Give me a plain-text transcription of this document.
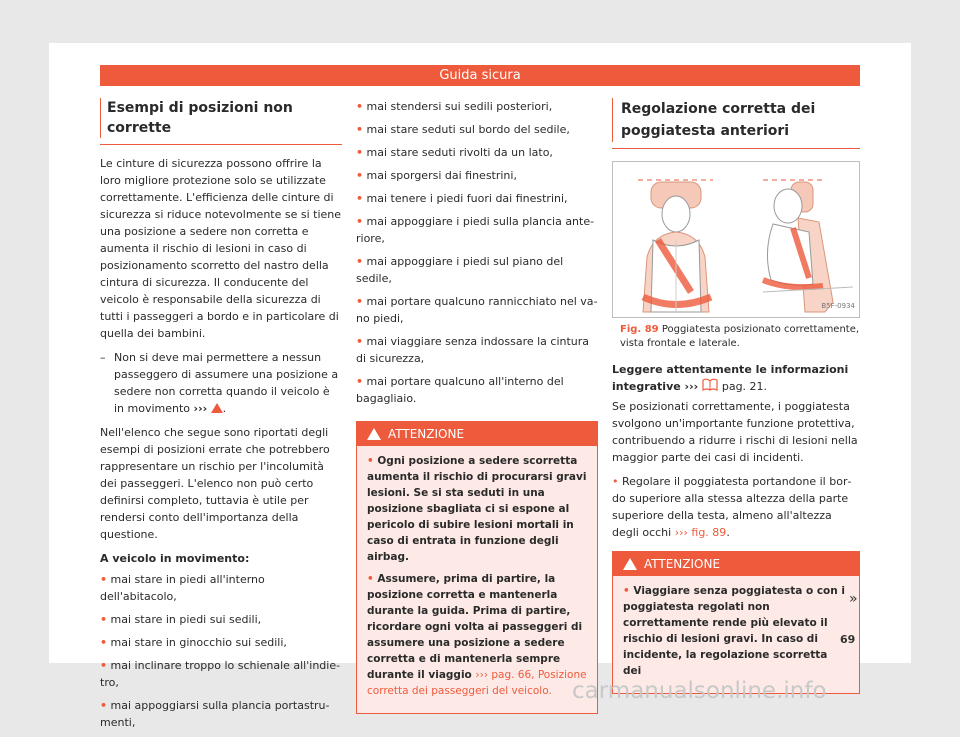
Guida sicura
Esempi di posizioni non corrette

Le cinture di sicurezza possono offrire la loro migliore protezione solo se utilizzate correttamente. L'efficienza delle cinture di sicurezza si riduce notevolmente se si tiene una posizione a sedere non corretta e aumenta il rischio di lesioni in caso di posizionamento scorretto del nastro della cintura di sicurezza. Il conducente del veicolo è responsabile della sicurezza di tutti i passeggeri a bordo e in particolare di quella dei bambini.

– Non si deve mai permettere a nessun passeggero di assumere una posizione a sedere non corretta quando il veicolo è in movimento ››› .

Nell'elenco che segue sono riportati degli esempi di posizioni errate che potrebbero rappresentare un rischio per l'incolumità dei passeggeri. L'elenco non può certo definirsi completo, tuttavia è utile per rendersi conto dell'importanza della questione.

A veicolo in movimento:

• mai stare in piedi all'interno dell'abitacolo,
• mai stare in piedi sui sedili,
• mai stare in ginocchio sui sedili,
• mai inclinare troppo lo schienale all'indietro,
• mai appoggiarsi sulla plancia portastrumenti,
• mai stendersi sui sedili posteriori,
• mai stare seduti sul bordo del sedile,
• mai stare seduti rivolti da un lato,
• mai sporgersi dai finestrini,
• mai tenere i piedi fuori dai finestrini,
• mai appoggiare i piedi sulla plancia anteriore,
• mai appoggiare i piedi sul piano del sedile,
• mai portare qualcuno rannicchiato nel vano piedi,
• mai viaggiare senza indossare la cintura di sicurezza,
• mai portare qualcuno all'interno del bagagliaio.
ATTENZIONE

• Ogni posizione a sedere scorretta aumenta il rischio di procurarsi gravi lesioni. Se si sta seduti in una posizione sbagliata ci si espone al pericolo di subire lesioni mortali in caso di entrata in funzione degli airbag.

• Assumere, prima di partire, la posizione corretta e mantenerla durante la guida. Prima di partire, ricordare ogni volta ai passeggeri di assumere una posizione a sedere corretta e di mantenerla sempre durante il viaggio ››› pag. 66, Posizione corretta dei passeggeri del veicolo.

Regolazione corretta dei poggiatesta anteriori
B5F-0934
Fig. 89 Poggiatesta posizionato correttamente, vista frontale e laterale.
Leggere attentamente le informazioni integrative ››› pag. 21.

Se posizionati correttamente, i poggiatesta svolgono un'importante funzione protettiva, contribuendo a ridurre i rischi di lesioni nella maggior parte dei casi di incidenti.

• Regolare il poggiatesta portandone il bordo superiore alla stessa altezza della parte superiore della testa, almeno all'altezza degli occhi ››› fig. 89.

ATTENZIONE

• Viaggiare senza poggiatesta o con i poggiatesta regolati non correttamente rende più elevato il rischio di lesioni gravi. In caso di incidente, la regolazione scorretta dei

»
69
carmanualsonline.info
